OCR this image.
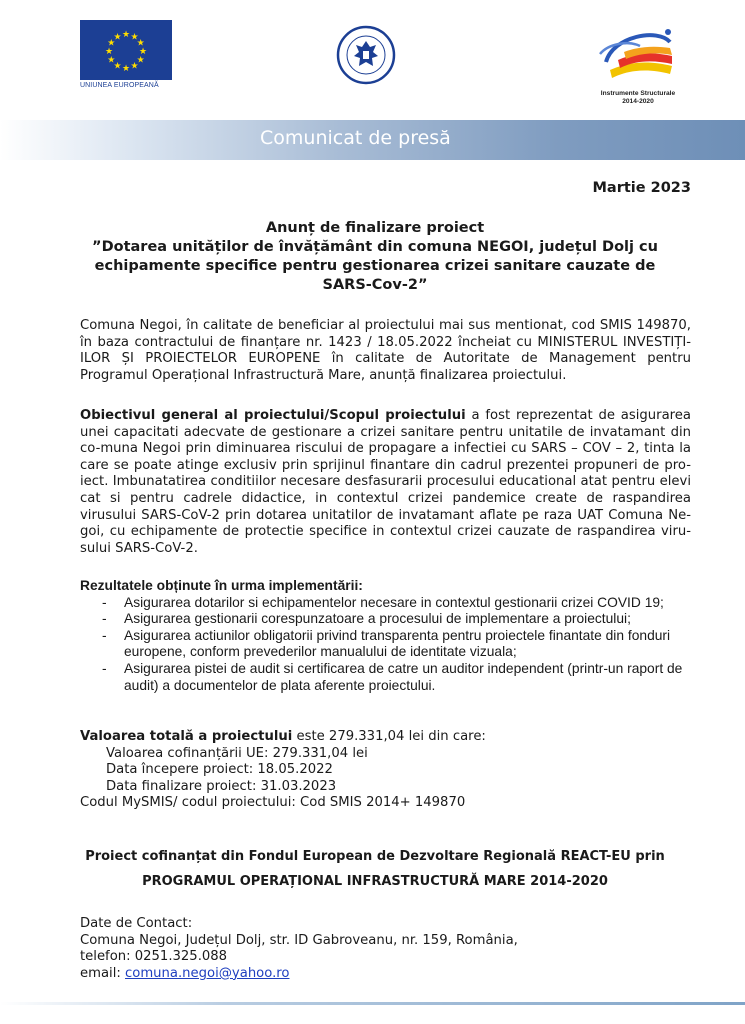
★ ★
★
★
★
★
★
★
★
★
★
★
UNIUNEA EUROPEANĂ
Instrumente Structurale
2014-2020
Comunicat de presă

Martie 2023

Anunț de finalizare proiect

”Dotarea unităților de învățământ din comuna NEGOI, județul Dolj cu

echipamente specifice pentru gestionarea crizei sanitare cauzate de

SARS-Cov-2”

Comuna Negoi, în calitate de beneficiar al proiectului mai sus mentionat, cod SMIS 149870, în baza contractului de finanțare nr. 1423 / 18.05.2022 încheiat cu MINISTERUL INVESTIȚI-ILOR ȘI PROIECTELOR EUROPENE în calitate de Autoritate de Management pentru Programul Operațional Infrastructură Mare, anunță finalizarea proiectului.

Obiectivul general al proiectului/Scopul proiectului a fost reprezentat de asigurarea unei capacitati adecvate de gestionare a crizei sanitare pentru unitatile de invatamant din co-muna Negoi prin diminuarea riscului de propagare a infectiei cu SARS – COV – 2, tinta la care se poate atinge exclusiv prin sprijinul finantare din cadrul prezentei propuneri de pro-iect. Imbunatatirea conditiilor necesare desfasurarii procesului educational atat pentru elevi cat si pentru cadrele didactice, in contextul crizei pandemice create de raspandirea virusului SARS-CoV-2 prin dotarea unitatilor de invatamant aflate pe raza UAT Comuna Ne-goi, cu echipamente de protectie specifice in contextul crizei cauzate de raspandirea viru-sului SARS-CoV-2.

Rezultatele obținute în urma implementării:

- Asigurarea dotarilor si echipamentelor necesare in contextul gestionarii crizei COVID 19;
- Asigurarea gestionarii corespunzatoare a procesului de implementare a proiectului;
- Asigurarea actiunilor obligatorii privind transparenta pentru proiectele finantate din fonduri europene, conform prevederilor manualului de identitate vizuala;
- Asigurarea pistei de audit si certificarea de catre un auditor independent (printr-un raport de audit) a documentelor de plata aferente proiectului.

Valoarea totală a proiectului este 279.331,04 lei din care:

Valoarea cofinanțării UE: 279.331,04 lei

Data începere proiect: 18.05.2022

Data finalizare proiect: 31.03.2023

Codul MySMIS/ codul proiectului: Cod SMIS 2014+ 149870

Proiect cofinanțat din Fondul European de Dezvoltare Regională REACT-EU prin

PROGRAMUL OPERAȚIONAL INFRASTRUCTURĂ MARE 2014-2020

Date de Contact:

Comuna Negoi, Județul Dolj, str. ID Gabroveanu, nr. 159, România,

telefon: 0251.325.088

email: comuna.negoi@yahoo.ro
